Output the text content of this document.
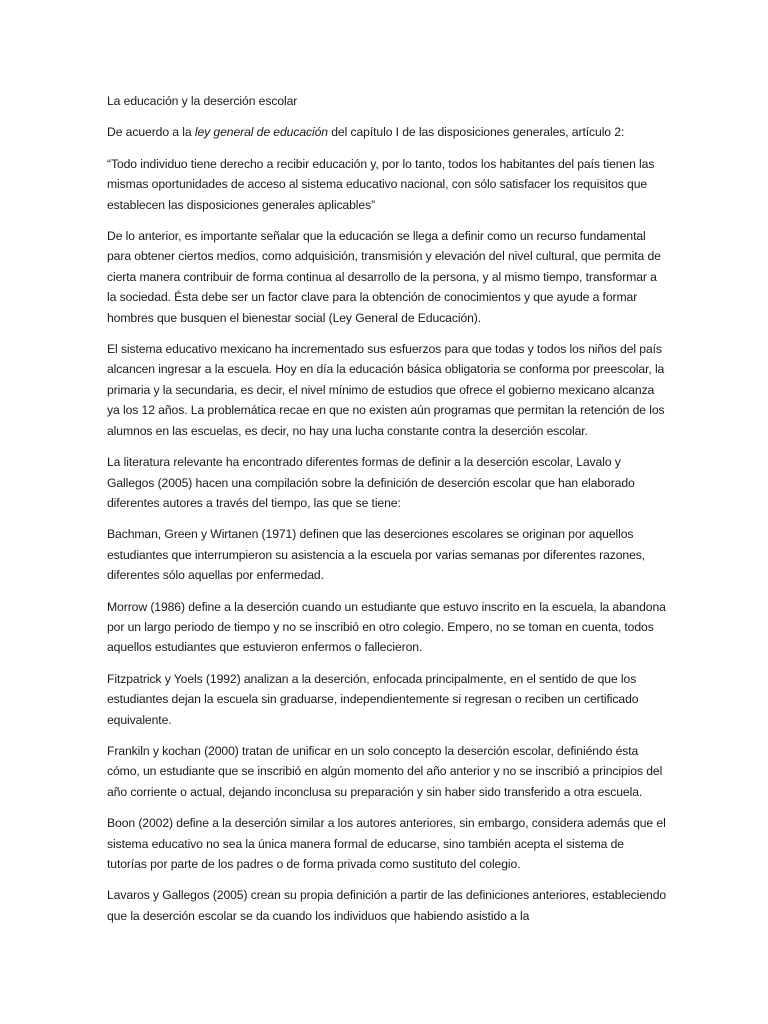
La educación y la deserción escolar

De acuerdo a la ley general de educación del capítulo I de las disposiciones generales, artículo 2:

“Todo individuo tiene derecho a recibir educación y, por lo tanto, todos los habitantes del país tienen las mismas oportunidades de acceso al sistema educativo nacional, con sólo satisfacer los requisitos que establecen las disposiciones generales aplicables”

De lo anterior, es importante señalar que la educación se llega a definir como un recurso fundamental para obtener ciertos medios, como adquisición, transmisión y elevación del nivel cultural, que permita de cierta manera contribuir de forma continua al desarrollo de la persona, y al mismo tiempo, transformar a la sociedad. Ésta debe ser un factor clave para la obtención de conocimientos y que ayude a formar hombres que busquen el bienestar social (Ley General de Educación).

El sistema educativo mexicano ha incrementado sus esfuerzos para que todas y todos los niños del país alcancen ingresar a la escuela. Hoy en día la educación básica obligatoria se conforma por preescolar, la primaria y la secundaria, es decir, el nivel mínimo de estudios que ofrece el gobierno mexicano alcanza ya los 12 años. La problemática recae en que no existen aún programas que permitan la retención de los alumnos en las escuelas, es decir, no hay una lucha constante contra la deserción escolar.

La literatura relevante ha encontrado diferentes formas de definir a la deserción escolar, Lavalo y Gallegos (2005) hacen una compilación sobre la definición de deserción escolar que han elaborado diferentes autores a través del tiempo, las que se tiene:

Bachman, Green y Wirtanen (1971) definen que las deserciones escolares se originan por aquellos estudiantes que interrumpieron su asistencia a la escuela por varias semanas por diferentes razones, diferentes sólo aquellas por enfermedad.

Morrow (1986) define a la deserción cuando un estudiante que estuvo inscrito en la escuela, la abandona por un largo periodo de tiempo y no se inscribió en otro colegio. Empero, no se toman en cuenta, todos aquellos estudiantes que estuvieron enfermos o fallecieron.

Fitzpatrick y Yoels (1992) analizan a la deserción, enfocada principalmente, en el sentido de que los estudiantes dejan la escuela sin graduarse, independientemente si regresan o reciben un certificado equivalente.

Frankiln y kochan (2000) tratan de unificar en un solo concepto la deserción escolar, definiéndo ésta cómo, un estudiante que se inscribió en algún momento del año anterior y no se inscribió a principios del año corriente o actual, dejando inconclusa su preparación y sin haber sido transferido a otra escuela.

Boon (2002) define a la deserción similar a los autores anteriores, sin embargo, considera además que el sistema educativo no sea la única manera formal de educarse, sino también acepta el sistema de tutorías por parte de los padres o de forma privada como sustituto del colegio.

Lavaros y Gallegos (2005) crean su propia definición a partir de las definiciones anteriores, estableciendo que la deserción escolar se da cuando los individuos que habiendo asistido a la
